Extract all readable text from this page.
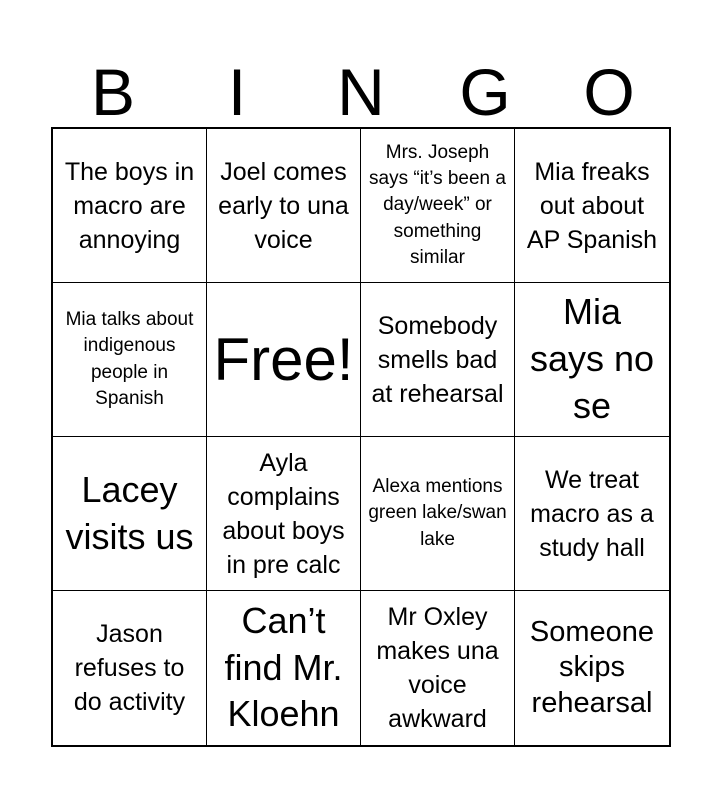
B	I	N	G	O
The boys in macro are annoying
Joel comes early to una voice
Mrs. Joseph says “it’s been a day/week” or something similar
Mia freaks out about AP Spanish
Mia talks about indigenous people in Spanish
Free! Somebody smells bad at rehearsal
Mia says no se
Lacey visits us
Ayla complains about boys in pre calc
Alexa mentions green lake/swan lake
We treat macro as a study hall
Jason refuses to do activity
Can’t find Mr. Kloehn
Mr Oxley makes una voice awkward
Someone skips rehearsal
